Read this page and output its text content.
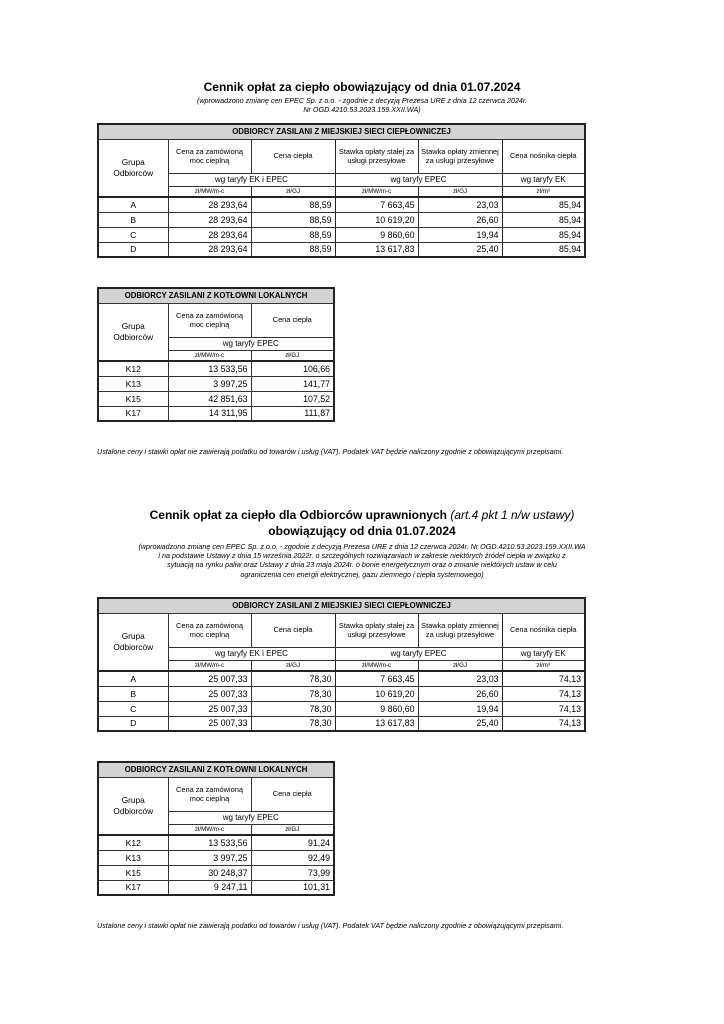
Cennik opłat za ciepło obowiązujący od dnia 01.07.2024
(wprowadzono zmianę cen EPEC Sp. z o.o. - zgodnie z decyzją Prezesa URE z dnia 12 czerwca 2024r.
Nr OGD.4210.53.2023.159.XXII.WA)
ODBIORCY ZASILANI Z MIEJSKIEJ SIECI CIEPŁOWNICZEJ					
Grupa Odbiorców	Cena za zamówioną moc cieplną	Cena ciepła	Stawka opłaty stałej za usługi przesyłowe	Stawka opłaty zmiennej za usługi przesyłowe	Cena nośnika ciepła
	wg taryfy EK i EPEC		wg taryfy EPEC		wg taryfy EK
	zł/MW/m-c	zł/GJ	zł/MW/m-c	zł/GJ	zł/m³
A	28 293,64	88,59	7 663,45	23,03	85,94
B	28 293,64	88,59	10 619,20	26,60	85,94
C	28 293,64	88,59	9 860,60	19,94	85,94
D	28 293,64	88,59	13 617,83	25,40	85,94
ODBIORCY ZASILANI Z KOTŁOWNI LOKALNYCH		
Grupa Odbiorców	Cena za zamówioną moc cieplną	Cena ciepła
	wg taryfy EPEC	
	zł/MW/m-c	zł/GJ
K12	13 533,56	106,66
K13	3 997,25	141,77
K15	42 851,63	107,52
K17	14 311,95	111,87
Ustalone ceny i stawki opłat nie zawierają podatku od towarów i usług (VAT). Podatek VAT będzie naliczony zgodnie z obowiązującymi przepisami.
Cennik opłat za ciepło dla Odbiorców uprawnionych (art.4 pkt 1 n/w ustawy)
obowiązujący od dnia 01.07.2024
(wprowadzono zmianę cen EPEC Sp. z o.o. - zgodnie z decyzją Prezesa URE z dnia 12 czerwca 2024r. Nr OGD.4210.53.2023.159.XXII.WA
i na podstawie Ustawy z dnia 15 września 2022r. o szczególnych rozwiązaniach w zakresie niektórych źródeł ciepła w związku z
sytuacją na rynku paliw oraz Ustawy z dnia 23 maja 2024r. o bonie energetycznym oraz o zmianie niektórych ustaw w celu
ograniczenia cen energii elektrycznej, gazu ziemnego i ciepła systemowego)
ODBIORCY ZASILANI Z MIEJSKIEJ SIECI CIEPŁOWNICZEJ					
Grupa Odbiorców	Cena za zamówioną moc cieplną	Cena ciepła	Stawka opłaty stałej za usługi przesyłowe	Stawka opłaty zmiennej za usługi przesyłowe	Cena nośnika ciepła
	wg taryfy EK i EPEC		wg taryfy EPEC		wg taryfy EK
	zł/MW/m-c	zł/GJ	zł/MW/m-c	zł/GJ	zł/m³
A	25 007,33	78,30	7 663,45	23,03	74,13
B	25 007,33	78,30	10 619,20	26,60	74,13
C	25 007,33	78,30	9 860,60	19,94	74,13
D	25 007,33	78,30	13 617,83	25,40	74,13
ODBIORCY ZASILANI Z KOTŁOWNI LOKALNYCH		
Grupa Odbiorców	Cena za zamówioną moc cieplną	Cena ciepła
	wg taryfy EPEC	
	zł/MW/m-c	zł/GJ
K12	13 533,56	91,24
K13	3 997,25	92,49
K15	30 248,37	73,99
K17	9 247,11	101,31
Ustalone ceny i stawki opłat nie zawierają podatku od towarów i usług (VAT). Podatek VAT będzie naliczony zgodnie z obowiązującymi przepisami.
